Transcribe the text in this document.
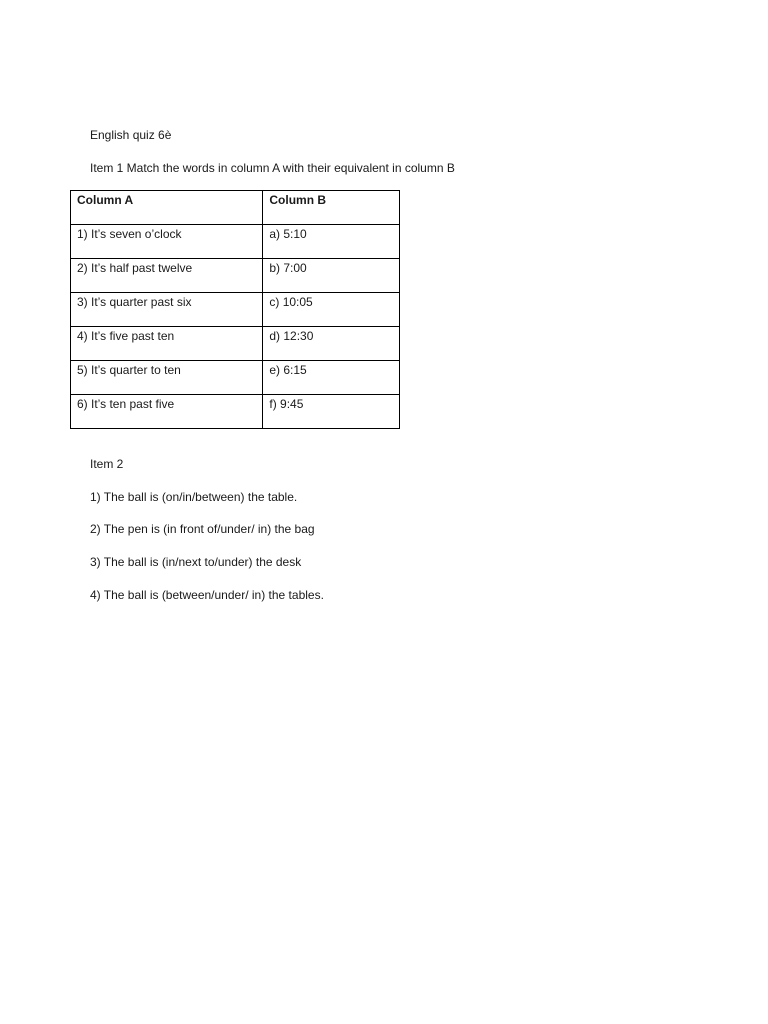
English quiz 6è
Item 1 Match the words in column A with their equivalent in column B
Column A	Column B
1) It’s seven o’clock	a) 5:10
2) It’s half past twelve	b) 7:00
3) It’s quarter past six	c) 10:05
4) It’s five past ten	d) 12:30
5) It’s quarter to ten	e) 6:15
6) It’s ten past five	f) 9:45
Item 2
1) The ball is (on/in/between) the table.
2) The pen is (in front of/under/ in) the bag
3) The ball is (in/next to/under) the desk
4) The ball is (between/under/ in) the tables.
